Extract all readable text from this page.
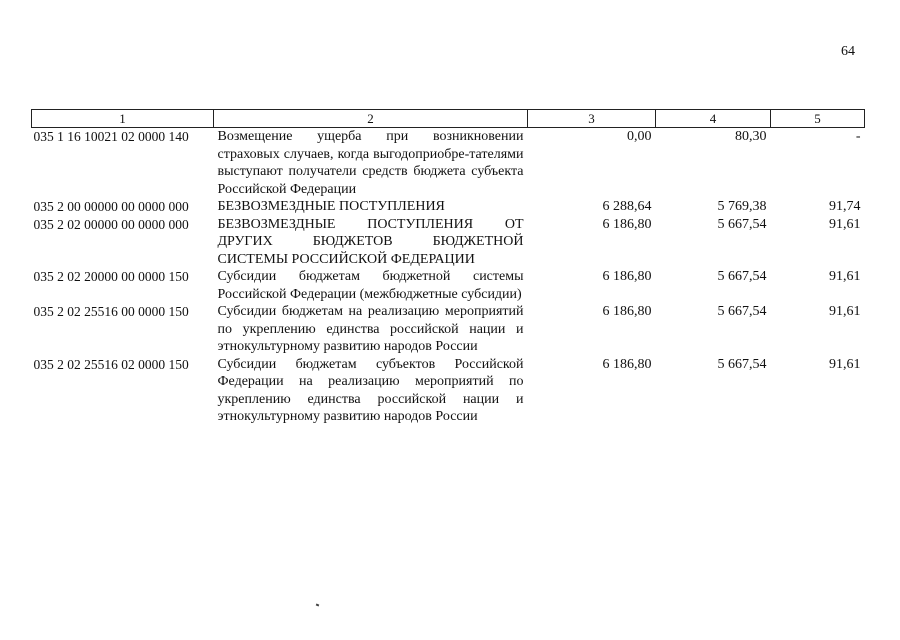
64
1	2	3	4	5
035 1 16 10021 02 0000 140	Возмещение ущерба при возникновении страховых случаев, когда выгодоприобре-тателями выступают получатели средств бюджета субъекта Российской Федерации	0,00	80,30	-
035 2 00 00000 00 0000 000	БЕЗВОЗМЕЗДНЫЕ ПОСТУПЛЕНИЯ	6 288,64	5 769,38	91,74
035 2 02 00000 00 0000 000	БЕЗВОЗМЕЗДНЫЕ ПОСТУПЛЕНИЯ ОТ ДРУГИХ БЮДЖЕТОВ БЮДЖЕТНОЙ СИСТЕМЫ РОССИЙСКОЙ ФЕДЕРАЦИИ	6 186,80	5 667,54	91,61
035 2 02 20000 00 0000 150	Субсидии бюджетам бюджетной системы Российской Федерации (межбюджетные субсидии)	6 186,80	5 667,54	91,61
035 2 02 25516 00 0000 150	Субсидии бюджетам на реализацию мероприятий по укреплению единства российской нации и этнокультурному развитию народов России	6 186,80	5 667,54	91,61
035 2 02 25516 02 0000 150	Субсидии бюджетам субъектов Российской Федерации на реализацию мероприятий по укреплению единства российской нации и этнокультурному развитию народов России	6 186,80	5 667,54	91,61
